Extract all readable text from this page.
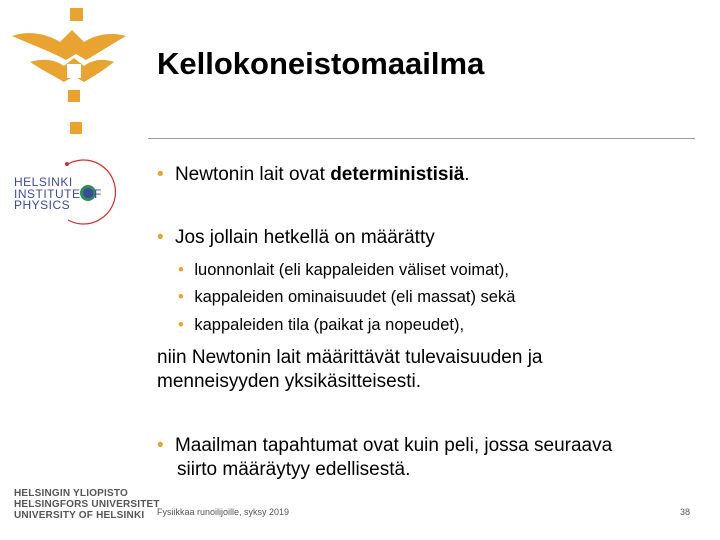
HELSINKI
INSTITUTE OF
PHYSICS
Kellokoneistomaailma
• Newtonin lait ovat deterministisiä.
• Jos jollain hetkellä on määrätty
• luonnonlait (eli kappaleiden väliset voimat),
• kappaleiden ominaisuudet (eli massat) sekä
• kappaleiden tila (paikat ja nopeudet),
niin Newtonin lait määrittävät tulevaisuuden ja
menneisyyden yksikäsitteisesti.
• Maailman tapahtumat ovat kuin peli, jossa seuraava
siirto määräytyy edellisestä.
HELSINGIN YLIOPISTO
HELSINGFORS UNIVERSITET
UNIVERSITY OF HELSINKI	Fysiikkaa runoilijoille, syksy 2019	38
